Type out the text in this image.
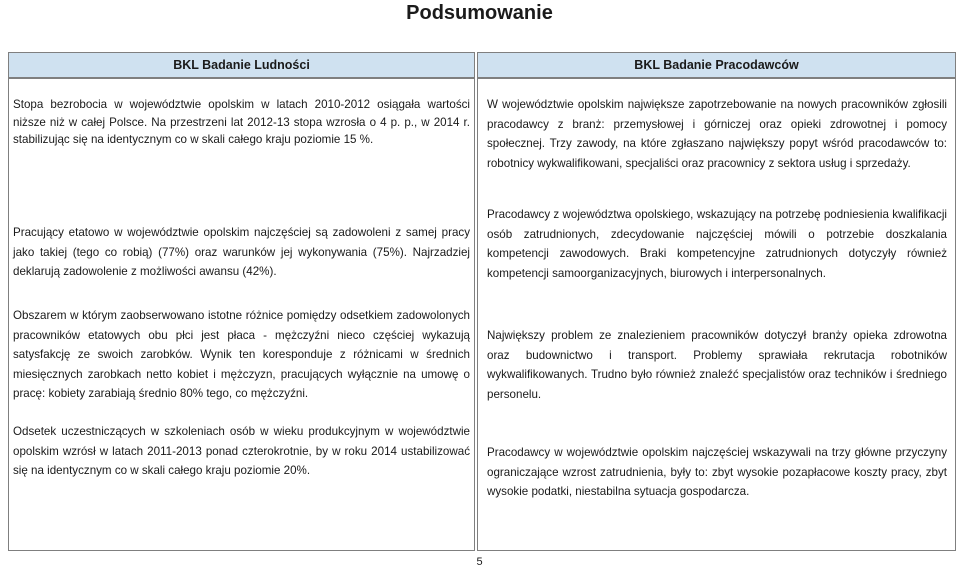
Podsumowanie
BKL Badanie Ludności	BKL Badanie Pracodawców

Stopa bezrobocia w województwie opolskim w latach 2010-2012 osiągała wartości niższe niż w całej Polsce. Na przestrzeni lat 2012-13 stopa wzrosła o 4 p. p., w 2014 r. stabilizując się na identycznym co w skali całego kraju poziomie 15 %.

Pracujący etatowo w województwie opolskim najczęściej są zadowoleni z samej pracy jako takiej (tego co robią) (77%) oraz warunków jej wykonywania (75%). Najrzadziej deklarują zadowolenie z możliwości awansu (42%).

Obszarem w którym zaobserwowano istotne różnice pomiędzy odsetkiem zadowolonych pracowników etatowych obu płci jest płaca - mężczyźni nieco częściej wykazują satysfakcję ze swoich zarobków. Wynik ten koresponduje z różnicami w średnich miesięcznych zarobkach netto kobiet i mężczyzn, pracujących wyłącznie na umowę o pracę: kobiety zarabiają średnio 80% tego, co mężczyźni.

Odsetek uczestniczących w szkoleniach osób w wieku produkcyjnym w województwie opolskim wzrósł w latach 2011-2013 ponad czterokrotnie, by w roku 2014 ustabilizować się na identycznym co w skali całego kraju poziomie 20%.

W województwie opolskim największe zapotrzebowanie na nowych pracowników zgłosili pracodawcy z branż: przemysłowej i górniczej oraz opieki zdrowotnej i pomocy społecznej. Trzy zawody, na które zgłaszano największy popyt wśród pracodawców to: robotnicy wykwalifikowani, specjaliści oraz pracownicy z sektora usług i sprzedaży.

Pracodawcy z województwa opolskiego, wskazujący na potrzebę podniesienia kwalifikacji osób zatrudnionych, zdecydowanie najczęściej mówili o potrzebie doszkalania kompetencji zawodowych. Braki kompetencyjne zatrudnionych dotyczyły również kompetencji samoorganizacyjnych, biurowych i interpersonalnych.

Największy problem ze znalezieniem pracowników dotyczył branży opieka zdrowotna oraz budownictwo i transport. Problemy sprawiała rekrutacja robotników wykwalifikowanych. Trudno było również znaleźć specjalistów oraz techników i średniego personelu.

Pracodawcy w województwie opolskim najczęściej wskazywali na trzy główne przyczyny ograniczające wzrost zatrudnienia, były to: zbyt wysokie pozapłacowe koszty pracy, zbyt wysokie podatki, niestabilna sytuacja gospodarcza.

5
